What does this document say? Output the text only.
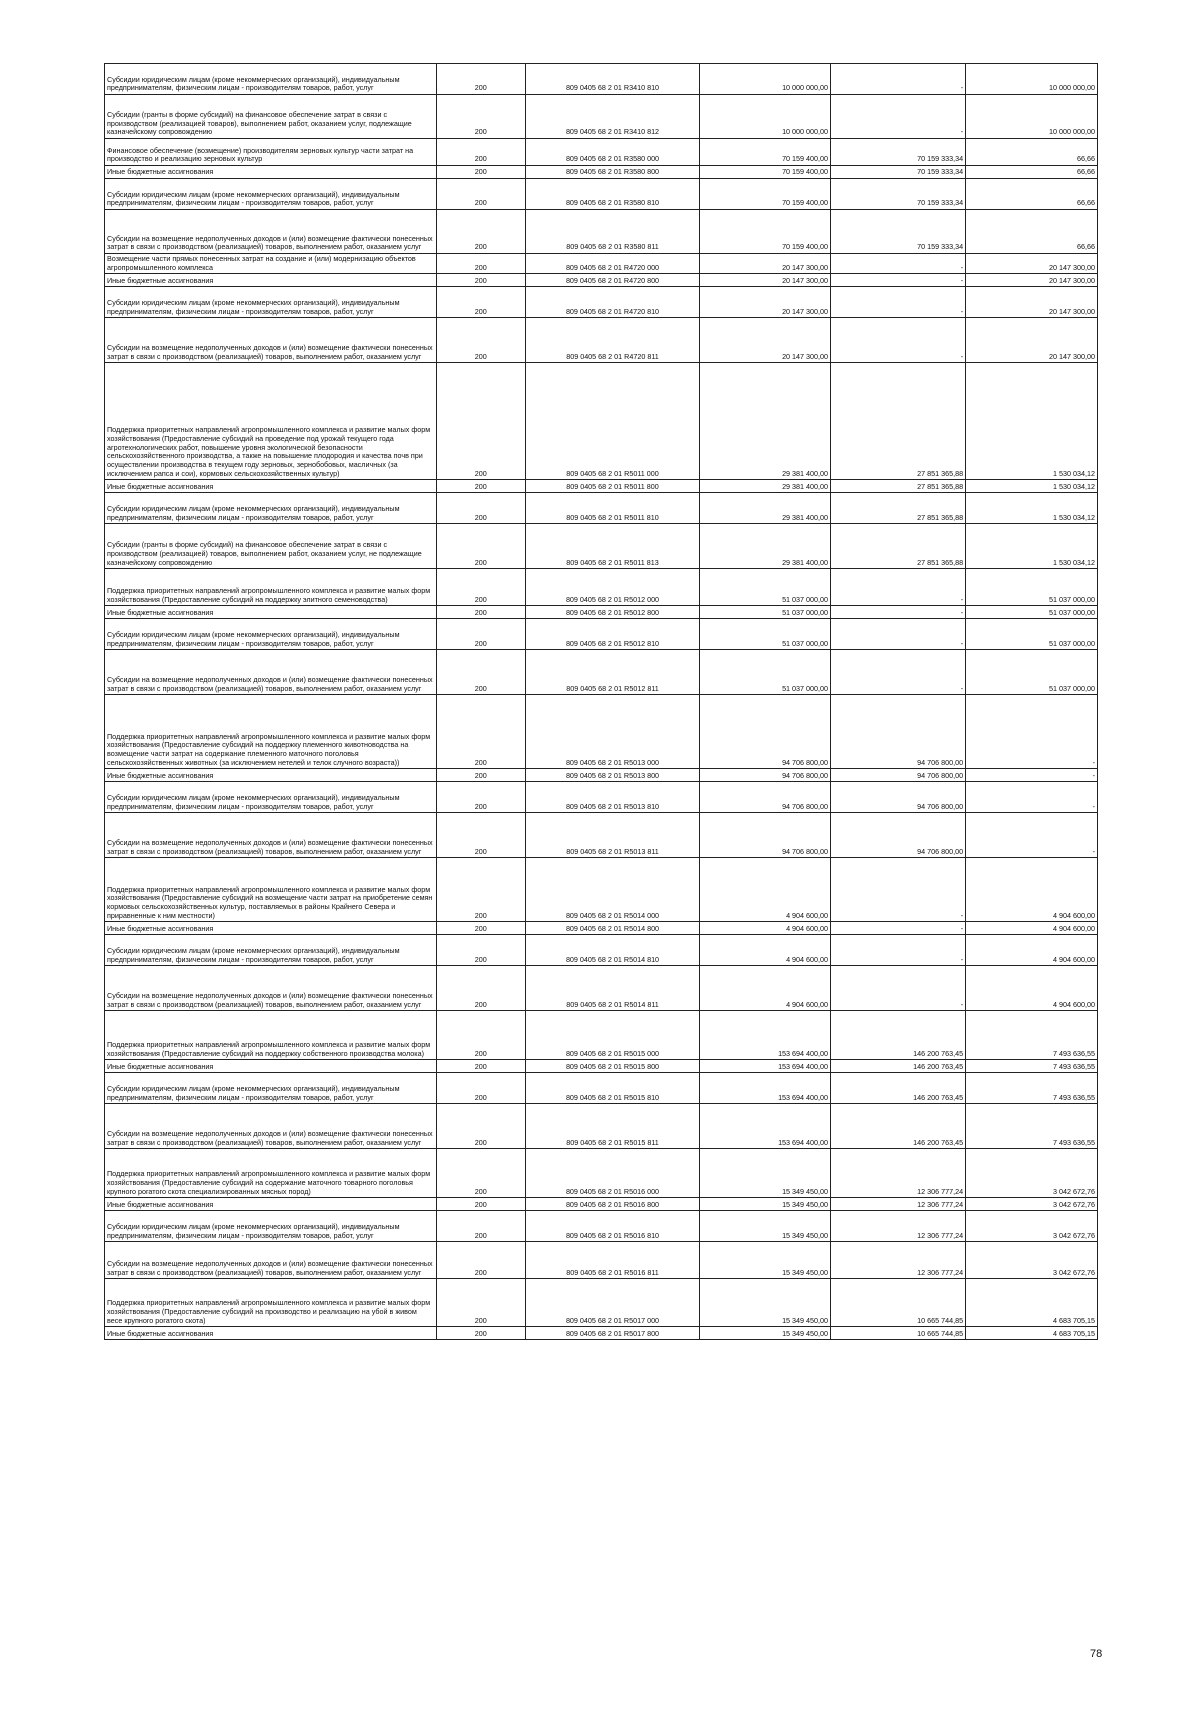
Субсидии юридическим лицам (кроме некоммерческих организаций), индивидуальным предпринимателям, физическим лицам - производителям товаров, работ, услуг	200	809 0405 68 2 01 R3410 810	10 000 000,00	-	10 000 000,00
Субсидии (гранты в форме субсидий) на финансовое обеспечение затрат в связи с производством (реализацией товаров), выполнением работ, оказанием услуг, подлежащие казначейскому сопровождению	200	809 0405 68 2 01 R3410 812	10 000 000,00	-	10 000 000,00
Финансовое обеспечение (возмещение) производителям зерновых культур части затрат на производство и реализацию зерновых культур	200	809 0405 68 2 01 R3580 000	70 159 400,00	70 159 333,34	66,66
Иные бюджетные ассигнования	200	809 0405 68 2 01 R3580 800	70 159 400,00	70 159 333,34	66,66
Субсидии юридическим лицам (кроме некоммерческих организаций), индивидуальным предпринимателям, физическим лицам - производителям товаров, работ, услуг	200	809 0405 68 2 01 R3580 810	70 159 400,00	70 159 333,34	66,66
Субсидии на возмещение недополученных доходов и (или) возмещение фактически понесенных затрат в связи с производством (реализацией) товаров, выполнением работ, оказанием услуг	200	809 0405 68 2 01 R3580 811	70 159 400,00	70 159 333,34	66,66
Возмещение части прямых понесенных затрат на создание и (или) модернизацию объектов агропромышленного комплекса	200	809 0405 68 2 01 R4720 000	20 147 300,00	-	20 147 300,00
Иные бюджетные ассигнования	200	809 0405 68 2 01 R4720 800	20 147 300,00	-	20 147 300,00
Субсидии юридическим лицам (кроме некоммерческих организаций), индивидуальным предпринимателям, физическим лицам - производителям товаров, работ, услуг	200	809 0405 68 2 01 R4720 810	20 147 300,00	-	20 147 300,00
Субсидии на возмещение недополученных доходов и (или) возмещение фактически понесенных затрат в связи с производством (реализацией) товаров, выполнением работ, оказанием услуг	200	809 0405 68 2 01 R4720 811	20 147 300,00	-	20 147 300,00
Поддержка приоритетных направлений агропромышленного комплекса и развитие малых форм хозяйствования (Предоставление субсидий на проведение под урожай текущего года агротехнологических работ, повышение уровня экологической безопасности сельскохозяйственного производства, а также на повышение плодородия и качества почв при осуществлении производства в текущем году зерновых, зернобобовых, масличных (за исключением рапса и сои), кормовых сельскохозяйственных культур)	200	809 0405 68 2 01 R5011 000	29 381 400,00	27 851 365,88	1 530 034,12
Иные бюджетные ассигнования	200	809 0405 68 2 01 R5011 800	29 381 400,00	27 851 365,88	1 530 034,12
Субсидии юридическим лицам (кроме некоммерческих организаций), индивидуальным предпринимателям, физическим лицам - производителям товаров, работ, услуг	200	809 0405 68 2 01 R5011 810	29 381 400,00	27 851 365,88	1 530 034,12
Субсидии (гранты в форме субсидий) на финансовое обеспечение затрат в связи с производством (реализацией) товаров, выполнением работ, оказанием услуг, не подлежащие казначейскому сопровождению	200	809 0405 68 2 01 R5011 813	29 381 400,00	27 851 365,88	1 530 034,12
Поддержка приоритетных направлений агропромышленного комплекса и развитие малых форм хозяйствования (Предоставление субсидий на поддержку элитного семеноводства)	200	809 0405 68 2 01 R5012 000	51 037 000,00	-	51 037 000,00
Иные бюджетные ассигнования	200	809 0405 68 2 01 R5012 800	51 037 000,00	-	51 037 000,00
Субсидии юридическим лицам (кроме некоммерческих организаций), индивидуальным предпринимателям, физическим лицам - производителям товаров, работ, услуг	200	809 0405 68 2 01 R5012 810	51 037 000,00	-	51 037 000,00
Субсидии на возмещение недополученных доходов и (или) возмещение фактически понесенных затрат в связи с производством (реализацией) товаров, выполнением работ, оказанием услуг	200	809 0405 68 2 01 R5012 811	51 037 000,00	-	51 037 000,00
Поддержка приоритетных направлений агропромышленного комплекса и развитие малых форм хозяйствования (Предоставление субсидий на поддержку племенного животноводства на возмещение части затрат на содержание племенного маточного поголовья сельскохозяйственных животных (за исключением нетелей и телок случного возраста))	200	809 0405 68 2 01 R5013 000	94 706 800,00	94 706 800,00	-
Иные бюджетные ассигнования	200	809 0405 68 2 01 R5013 800	94 706 800,00	94 706 800,00	-
Субсидии юридическим лицам (кроме некоммерческих организаций), индивидуальным предпринимателям, физическим лицам - производителям товаров, работ, услуг	200	809 0405 68 2 01 R5013 810	94 706 800,00	94 706 800,00	-
Субсидии на возмещение недополученных доходов и (или) возмещение фактически понесенных затрат в связи с производством (реализацией) товаров, выполнением работ, оказанием услуг	200	809 0405 68 2 01 R5013 811	94 706 800,00	94 706 800,00	-
Поддержка приоритетных направлений агропромышленного комплекса и развитие малых форм хозяйствования (Предоставление субсидий на возмещение части затрат на приобретение семян кормовых сельскохозяйственных культур, поставляемых в районы Крайнего Севера и приравненные к ним местности)	200	809 0405 68 2 01 R5014 000	4 904 600,00	-	4 904 600,00
Иные бюджетные ассигнования	200	809 0405 68 2 01 R5014 800	4 904 600,00	-	4 904 600,00
Субсидии юридическим лицам (кроме некоммерческих организаций), индивидуальным предпринимателям, физическим лицам - производителям товаров, работ, услуг	200	809 0405 68 2 01 R5014 810	4 904 600,00	-	4 904 600,00
Субсидии на возмещение недополученных доходов и (или) возмещение фактически понесенных затрат в связи с производством (реализацией) товаров, выполнением работ, оказанием услуг	200	809 0405 68 2 01 R5014 811	4 904 600,00	-	4 904 600,00
Поддержка приоритетных направлений агропромышленного комплекса и развитие малых форм хозяйствования (Предоставление субсидий на поддержку собственного производства молока)	200	809 0405 68 2 01 R5015 000	153 694 400,00	146 200 763,45	7 493 636,55
Иные бюджетные ассигнования	200	809 0405 68 2 01 R5015 800	153 694 400,00	146 200 763,45	7 493 636,55
Субсидии юридическим лицам (кроме некоммерческих организаций), индивидуальным предпринимателям, физическим лицам - производителям товаров, работ, услуг	200	809 0405 68 2 01 R5015 810	153 694 400,00	146 200 763,45	7 493 636,55
Субсидии на возмещение недополученных доходов и (или) возмещение фактически понесенных затрат в связи с производством (реализацией) товаров, выполнением работ, оказанием услуг	200	809 0405 68 2 01 R5015 811	153 694 400,00	146 200 763,45	7 493 636,55
Поддержка приоритетных направлений агропромышленного комплекса и развитие малых форм хозяйствования (Предоставление субсидий на содержание маточного товарного поголовья крупного рогатого скота специализированных мясных пород)	200	809 0405 68 2 01 R5016 000	15 349 450,00	12 306 777,24	3 042 672,76
Иные бюджетные ассигнования	200	809 0405 68 2 01 R5016 800	15 349 450,00	12 306 777,24	3 042 672,76
Субсидии юридическим лицам (кроме некоммерческих организаций), индивидуальным предпринимателям, физическим лицам - производителям товаров, работ, услуг	200	809 0405 68 2 01 R5016 810	15 349 450,00	12 306 777,24	3 042 672,76
Субсидии на возмещение недополученных доходов и (или) возмещение фактически понесенных затрат в связи с производством (реализацией) товаров, выполнением работ, оказанием услуг	200	809 0405 68 2 01 R5016 811	15 349 450,00	12 306 777,24	3 042 672,76
Поддержка приоритетных направлений агропромышленного комплекса и развитие малых форм хозяйствования (Предоставление субсидий на производство и реализацию на убой в живом весе крупного рогатого скота)	200	809 0405 68 2 01 R5017 000	15 349 450,00	10 665 744,85	4 683 705,15
Иные бюджетные ассигнования	200	809 0405 68 2 01 R5017 800	15 349 450,00	10 665 744,85	4 683 705,15
78
